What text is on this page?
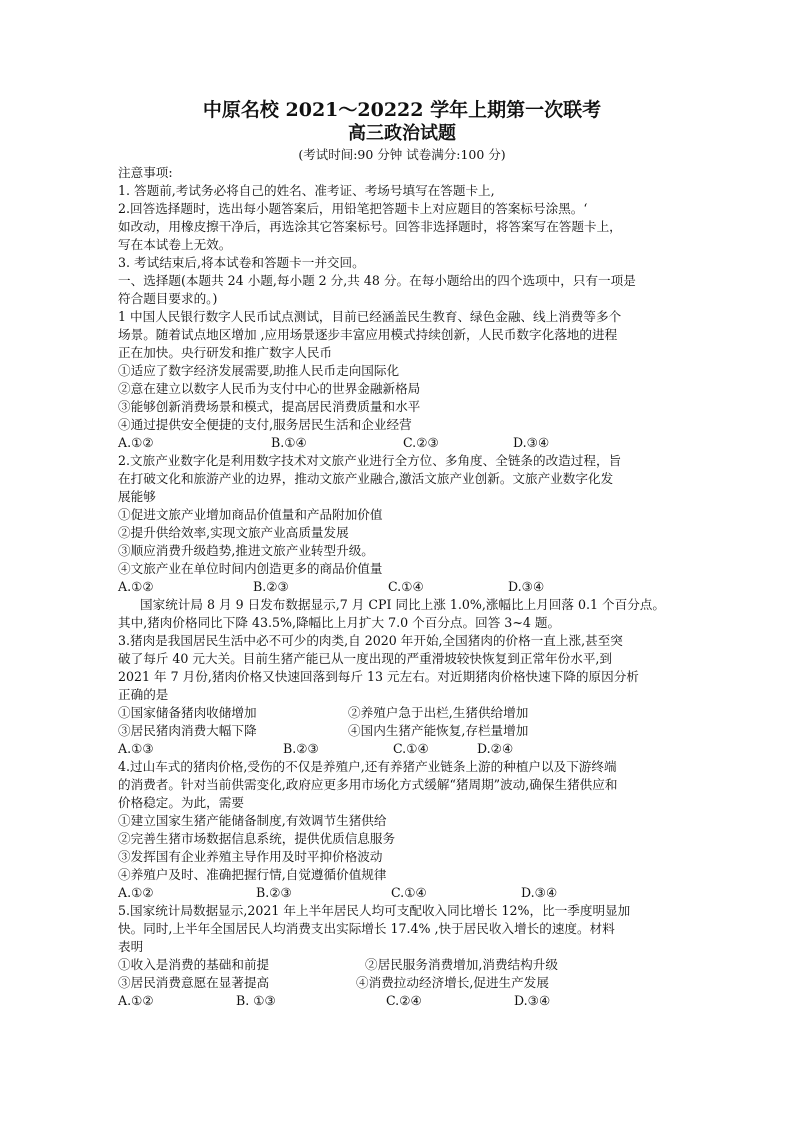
中原名校 2021～20222 学年上期第一次联考
高三政治试题
(考试时间:90 分钟 试卷满分:100 分)
注意事项:
1. 答题前,考试务必将自己的姓名、准考证、考场号填写在答题卡上,
2.回答选择题时，选出每小题答案后，用铅笔把答题卡上对应题目的答案标号涂黑。‘
如改动，用橡皮擦干净后，再选涂其它答案标号。回答非选择题时，将答案写在答题卡上，
写在本试卷上无效。
3. 考试结束后,将本试卷和答题卡一并交回。
一、选择题(本题共 24 小题,每小题 2 分,共 48 分。在每小题给出的四个选项中，只有一项是
符合题目要求的。)
1 中国人民银行数字人民币试点测试，目前已经涵盖民生教育、绿色金融、线上消费等多个
场景。随着试点地区增加 ,应用场景逐步丰富应用模式持续创新，人民币数字化落地的进程
正在加快。央行研发和推广数字人民币
①适应了数字经济发展需要,助推人民币走向国际化
②意在建立以数字人民币为支付中心的世界金融新格局
③能够创新消费场景和模式，提高居民消费质量和水平
④通过提供安全便捷的支付,服务居民生活和企业经营
A.①②	B.①④	C.②③	D.③④
2.文旅产业数字化是利用数字技术对文旅产业进行全方位、多角度、全链条的改造过程，旨
在打破文化和旅游产业的边界，推动文旅产业融合,激活文旅产业创新。文旅产业数字化发
展能够
①促进文旅产业增加商品价值量和产品附加价值
②提升供给效率,实现文旅产业高质量发展
③顺应消费升级趋势,推进文旅产业转型升级。
④文旅产业在单位时间内创造更多的商品价值量
A.①②	B.②③	C.①④	D.③④
国家统计局 8 月 9 日发布数据显示,7 月 CPI 同比上涨 1.0%,涨幅比上月回落 0.1 个百分点。
其中,猪肉价格同比下降 43.5%,降幅比上月扩大 7.0 个百分点。回答 3~4 题。
3.猪肉是我国居民生活中必不可少的肉类,自 2020 年开始,全国猪肉的价格一直上涨,甚至突
破了每斤 40 元大关。目前生猪产能已从一度出现的严重滑坡较快恢复到正常年份水平,到
2021 年 7 月份,猪肉价格又快速回落到每斤 13 元左右。对近期猪肉价格快速下降的原因分析
正确的是
①国家储备猪肉收储增加	②养殖户急于出栏,生猪供给增加
③居民猪肉消费大幅下降	④国内生猪产能恢复,存栏量增加
A.①③	B.②③	C.①④	D.②④
4.过山车式的猪肉价格,受伤的不仅是养殖户,还有养猪产业链条上游的种植户以及下游终端
的消费者。针对当前供需变化,政府应更多用市场化方式缓解“猪周期”波动,确保生猪供应和
价格稳定。为此，需要
①建立国家生猪产能储备制度,有效调节生猪供给
②完善生猪市场数据信息系统，提供优质信息服务
③发挥国有企业养殖主导作用及时平抑价格波动
④养殖户及时、准确把握行情,自觉遵循价值规律
A.①②	B.②③	C.①④	D.③④
5.国家统计局数据显示,2021 年上半年居民人均可支配收入同比增长 12%，比一季度明显加
快。同时,上半年全国居民人均消费支出实际增长 17.4% ,快于居民收入增长的速度。材料
表明
①收入是消费的基础和前提	②居民服务消费增加,消费结构升级
③居民消费意愿在显著提高	④消费拉动经济增长,促进生产发展
A.①②	B. ①③	C.②④	D.③④
